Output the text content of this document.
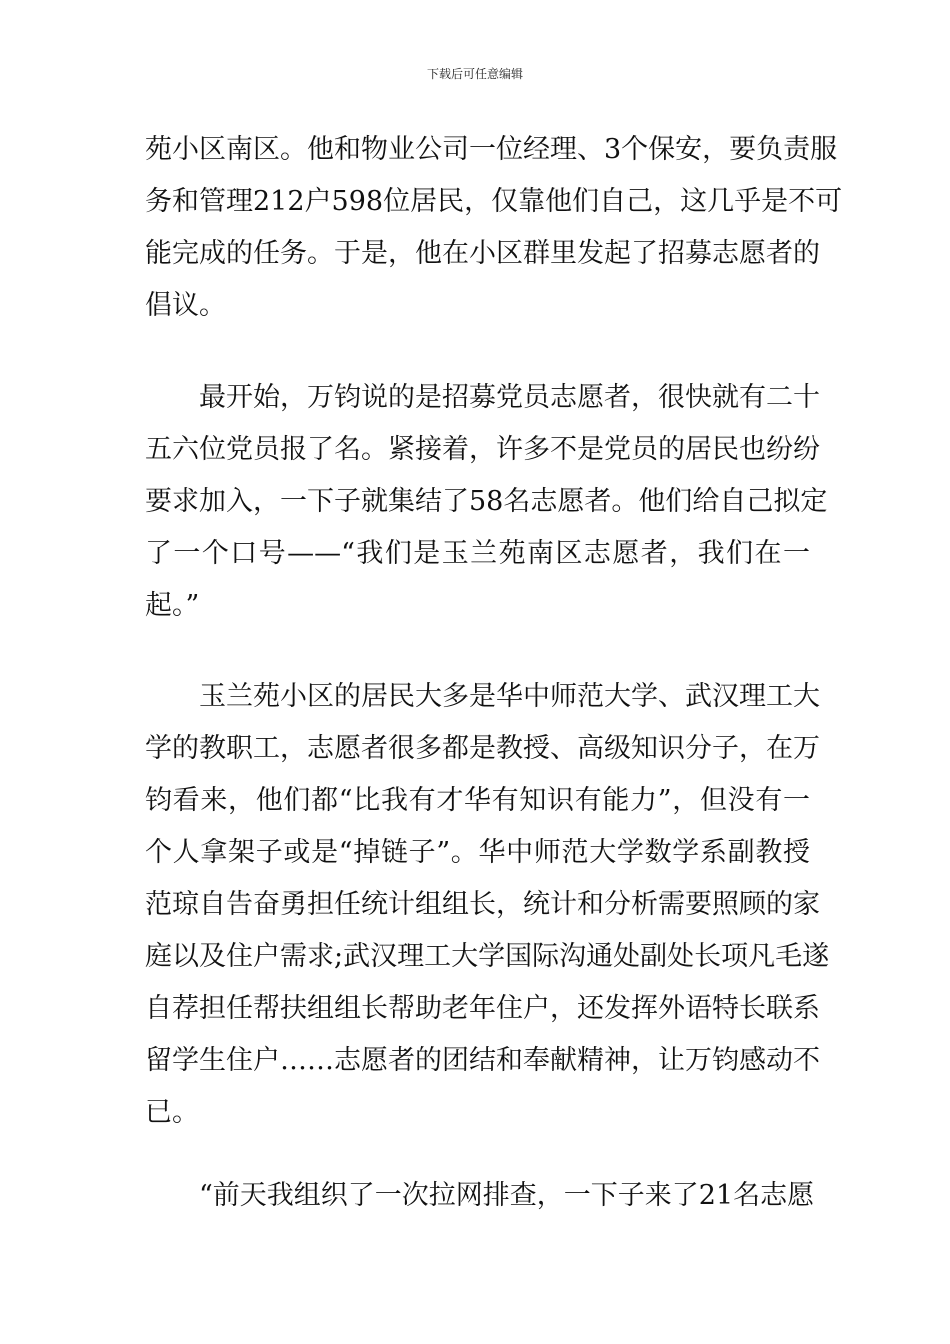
下载后可任意编辑
苑小区南区。他和物业公司一位经理、3个保安，要负责服
务和管理212户598位居民，仅靠他们自己，这几乎是不可
能完成的任务。于是，他在小区群里发起了招募志愿者的
倡议。
最开始，万钧说的是招募党员志愿者，很快就有二十
五六位党员报了名。紧接着，许多不是党员的居民也纷纷
要求加入，一下子就集结了58名志愿者。他们给自己拟定
了一个口号——“我们是玉兰苑南区志愿者，我们在一
起。”
玉兰苑小区的居民大多是华中师范大学、武汉理工大
学的教职工，志愿者很多都是教授、高级知识分子，在万
钧看来，他们都“比我有才华有知识有能力”，但没有一
个人拿架子或是“掉链子”。华中师范大学数学系副教授
范琼自告奋勇担任统计组组长，统计和分析需要照顾的家
庭以及住户需求;武汉理工大学国际沟通处副处长项凡毛遂
自荐担任帮扶组组长帮助老年住户，还发挥外语特长联系
留学生住户……志愿者的团结和奉献精神，让万钧感动不
已。
“前天我组织了一次拉网排查，一下子来了21名志愿
